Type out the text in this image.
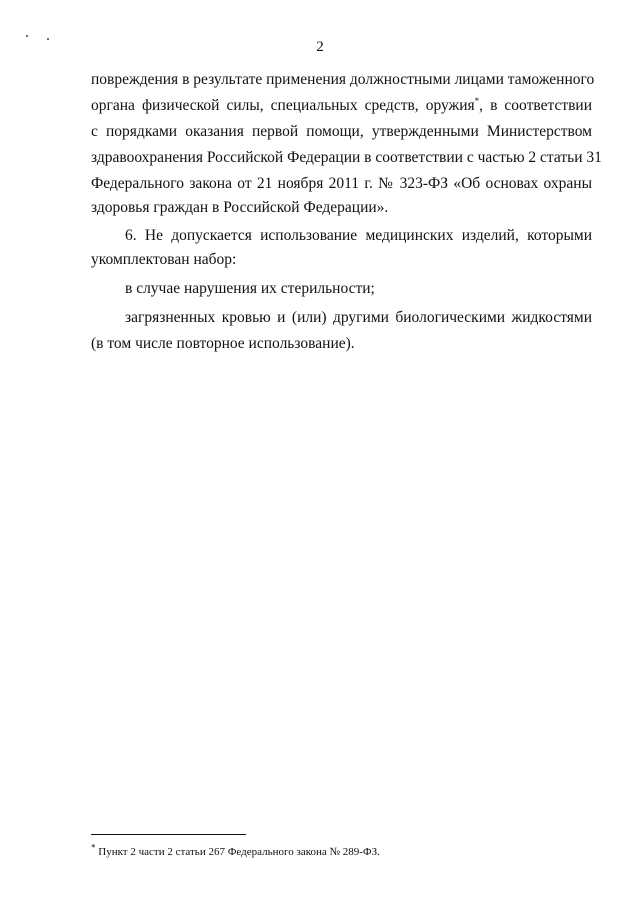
2
повреждения в результате применения должностными лицами таможенного
органа физической силы, специальных средств, оружия*, в соответствии
с порядками оказания первой помощи, утвержденными Министерством
здравоохранения Российской Федерации в соответствии с частью 2 статьи 31
Федерального закона от 21 ноября 2011 г. № 323-ФЗ «Об основах охраны
здоровья граждан в Российской Федерации».
6. Не допускается использование медицинских изделий, которыми
укомплектован набор:
в случае нарушения их стерильности;
загрязненных кровью и (или) другими биологическими жидкостями
(в том числе повторное использование).
* Пункт 2 части 2 статьи 267 Федерального закона № 289-ФЗ.
